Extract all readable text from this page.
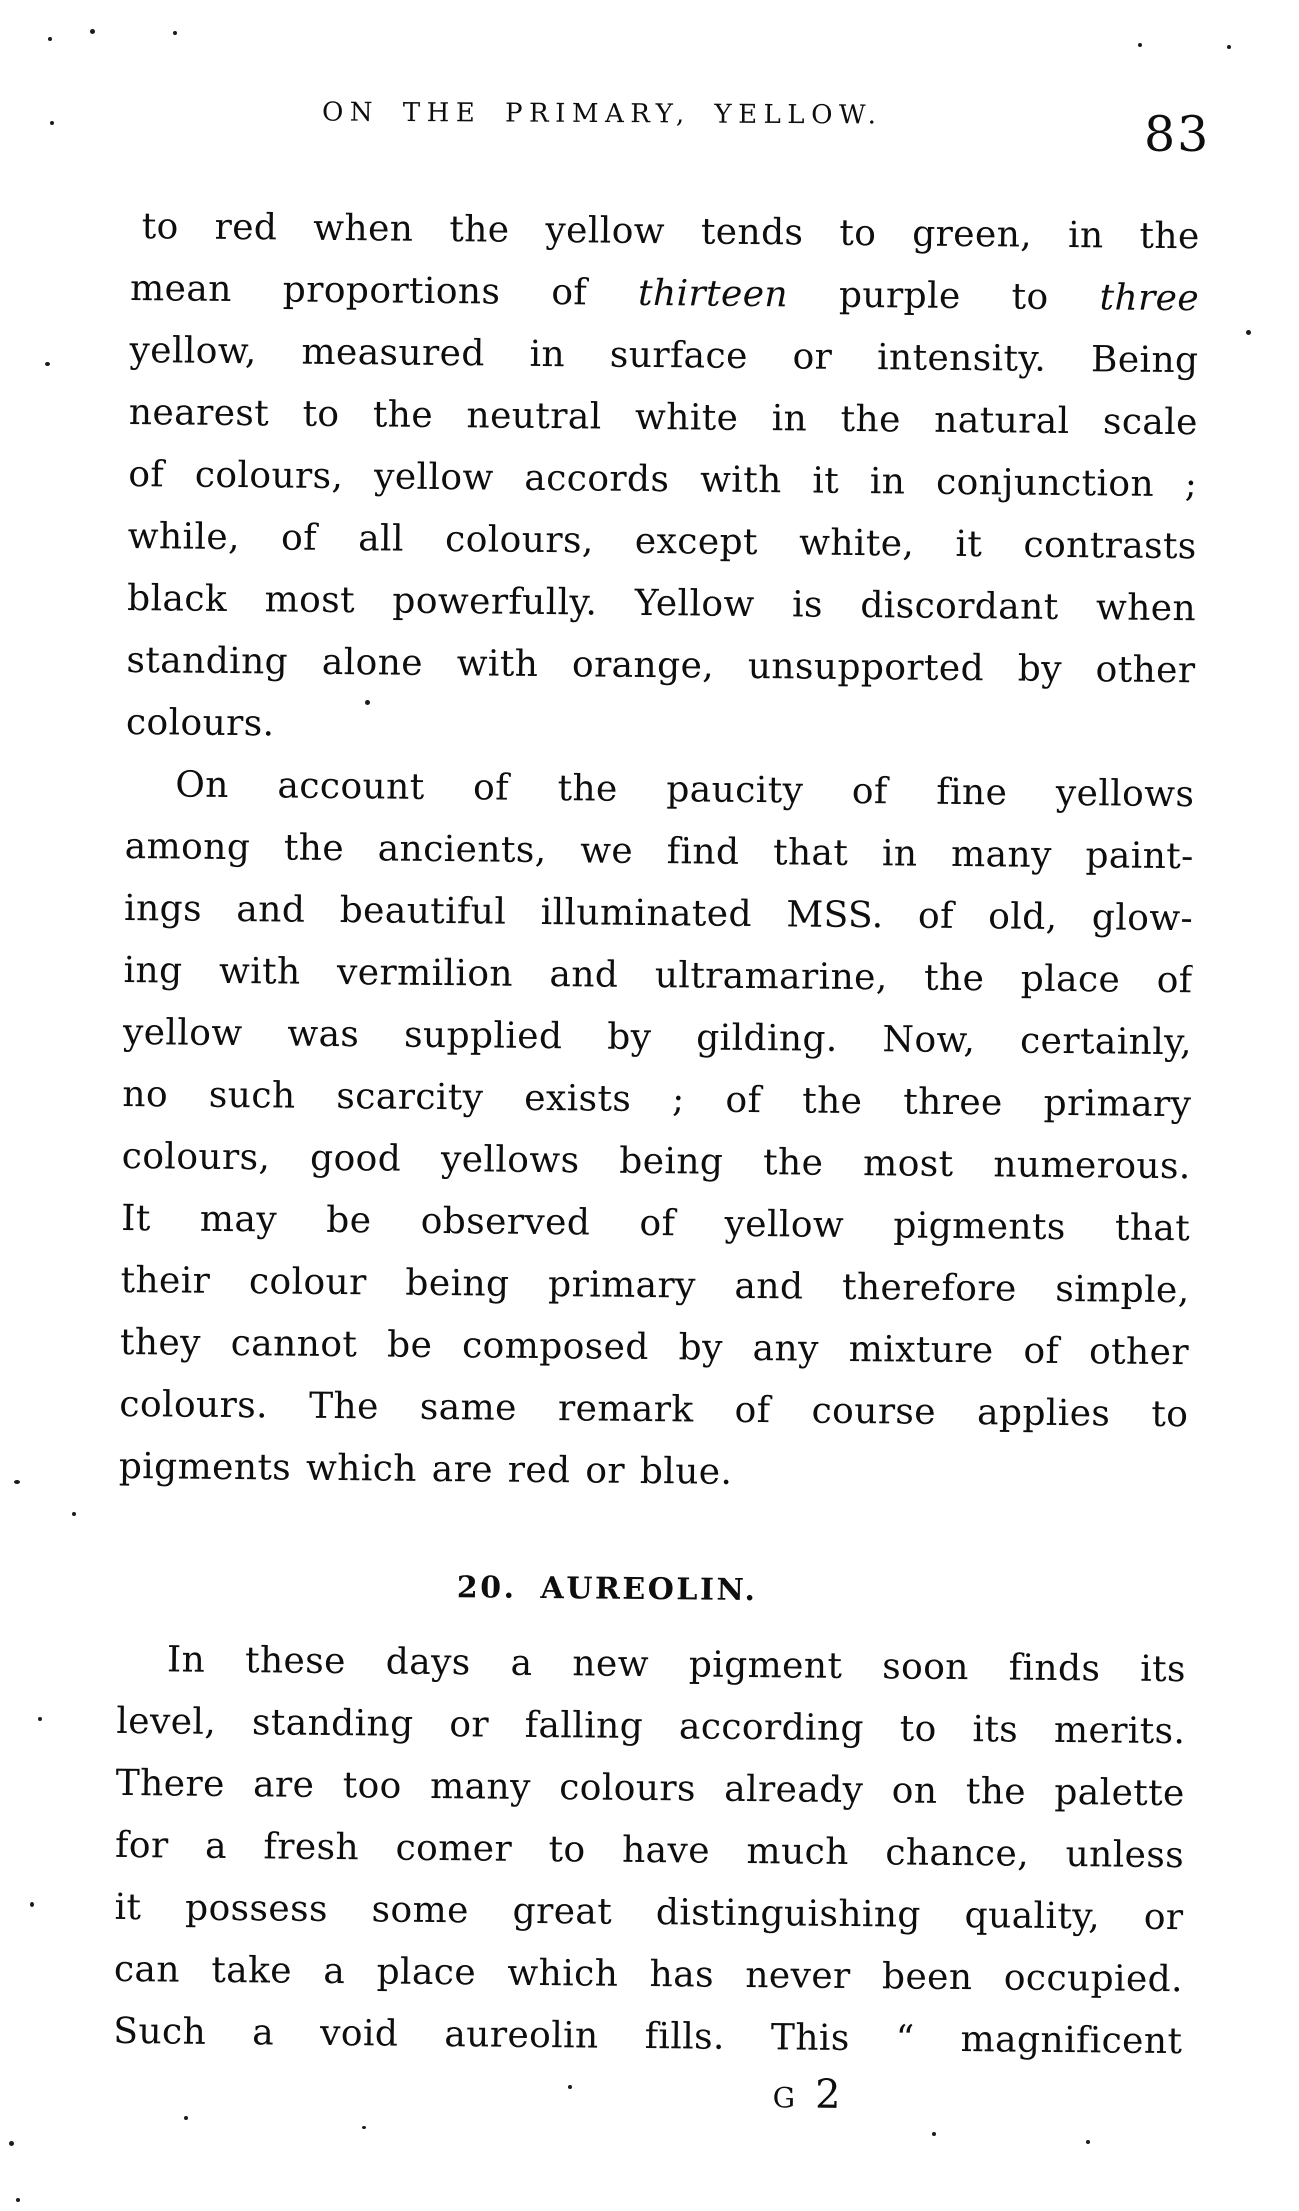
ON THE PRIMARY, YELLOW.	83

to red when the yellow tends to green, in the

mean proportions of thirteen purple to three

yellow, measured in surface or intensity. Being

nearest to the neutral white in the natural scale

of colours, yellow accords with it in conjunction ;

while, of all colours, except white, it contrasts

black most powerfully. Yellow is discordant when

standing alone with orange, unsupported by other

colours.

On account of the paucity of fine yellows

among the ancients, we find that in many paint-

ings and beautiful illuminated MSS. of old, glow-

ing with vermilion and ultramarine, the place of

yellow was supplied by gilding. Now, certainly,

no such scarcity exists ; of the three primary

colours, good yellows being the most numerous.

It may be observed of yellow pigments that

their colour being primary and therefore simple,

they cannot be composed by any mixture of other

colours. The same remark of course applies to

pigments which are red or blue.

20. AUREOLIN.

In these days a new pigment soon finds its

level, standing or falling according to its merits.

There are too many colours already on the palette

for a fresh comer to have much chance, unless

it possess some great distinguishing quality, or

can take a place which has never been occupied.

Such a void aureolin fills. This “ magnificent

G 2
